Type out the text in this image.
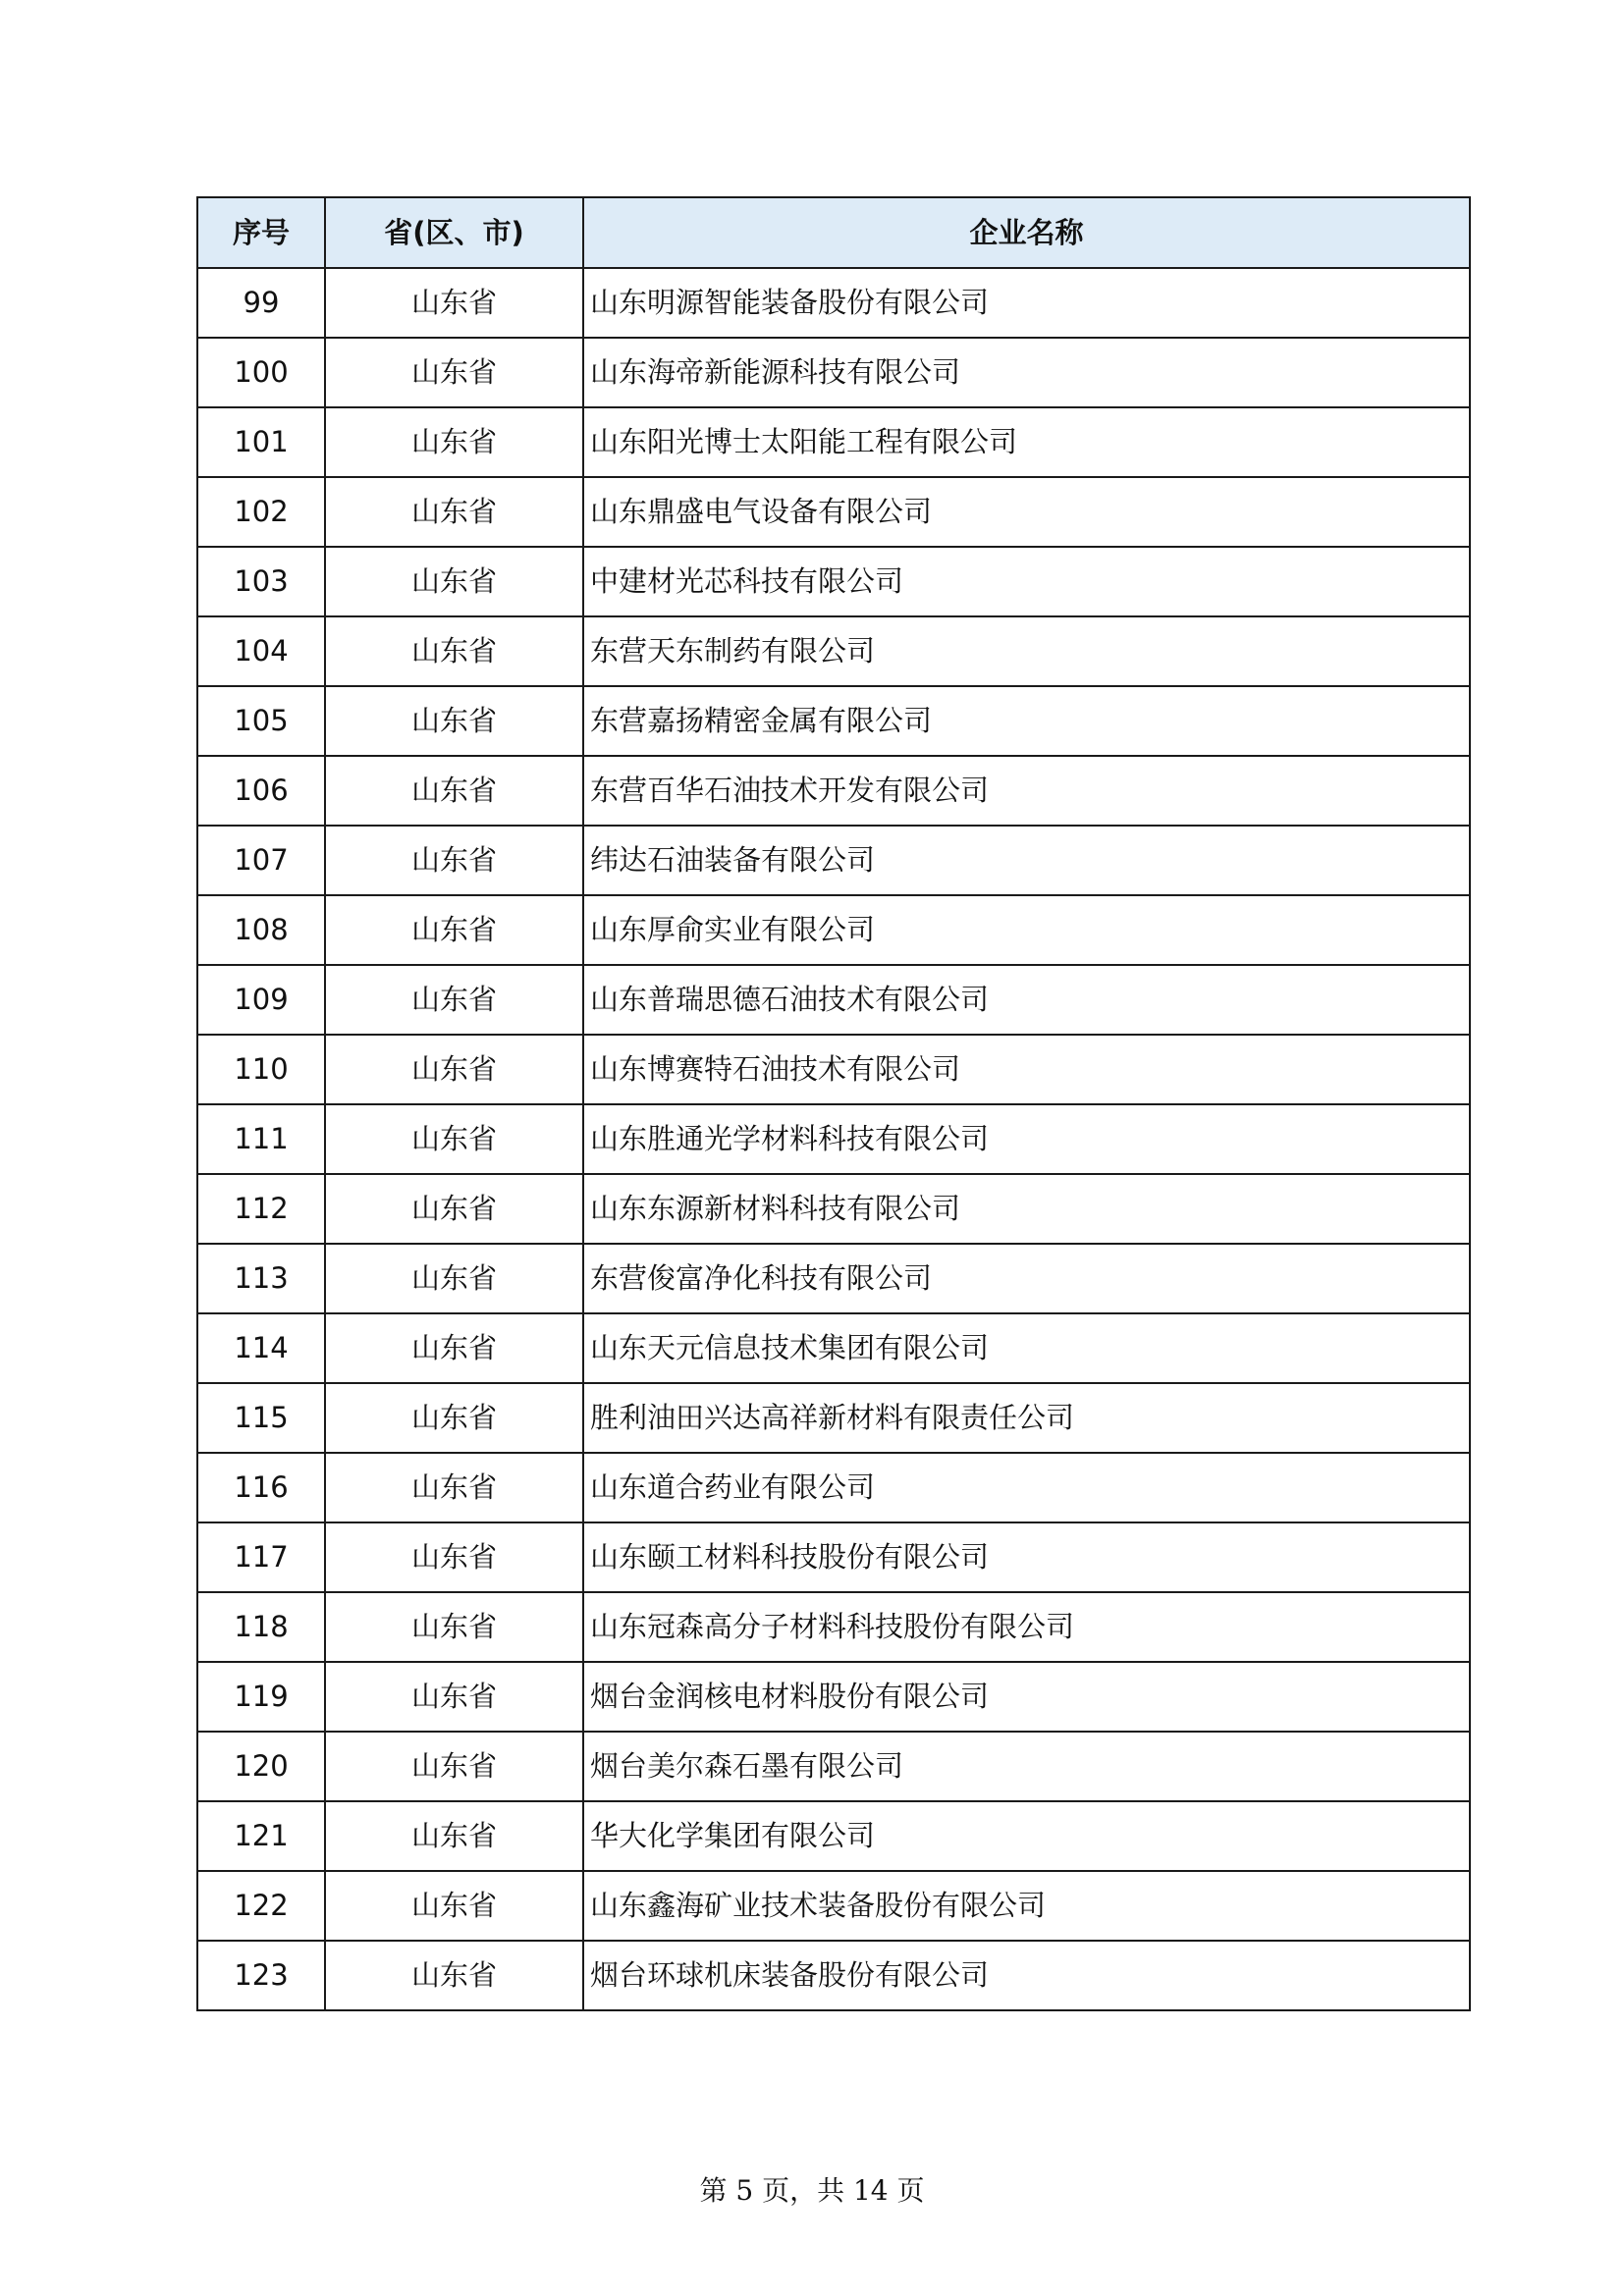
序号	省(区、市)	企业名称
99	山东省	山东明源智能装备股份有限公司
100	山东省	山东海帝新能源科技有限公司
101	山东省	山东阳光博士太阳能工程有限公司
102	山东省	山东鼎盛电气设备有限公司
103	山东省	中建材光芯科技有限公司
104	山东省	东营天东制药有限公司
105	山东省	东营嘉扬精密金属有限公司
106	山东省	东营百华石油技术开发有限公司
107	山东省	纬达石油装备有限公司
108	山东省	山东厚俞实业有限公司
109	山东省	山东普瑞思德石油技术有限公司
110	山东省	山东博赛特石油技术有限公司
111	山东省	山东胜通光学材料科技有限公司
112	山东省	山东东源新材料科技有限公司
113	山东省	东营俊富净化科技有限公司
114	山东省	山东天元信息技术集团有限公司
115	山东省	胜利油田兴达高祥新材料有限责任公司
116	山东省	山东道合药业有限公司
117	山东省	山东颐工材料科技股份有限公司
118	山东省	山东冠森高分子材料科技股份有限公司
119	山东省	烟台金润核电材料股份有限公司
120	山东省	烟台美尔森石墨有限公司
121	山东省	华大化学集团有限公司
122	山东省	山东鑫海矿业技术装备股份有限公司
123	山东省	烟台环球机床装备股份有限公司
第 5 页，共 14 页
